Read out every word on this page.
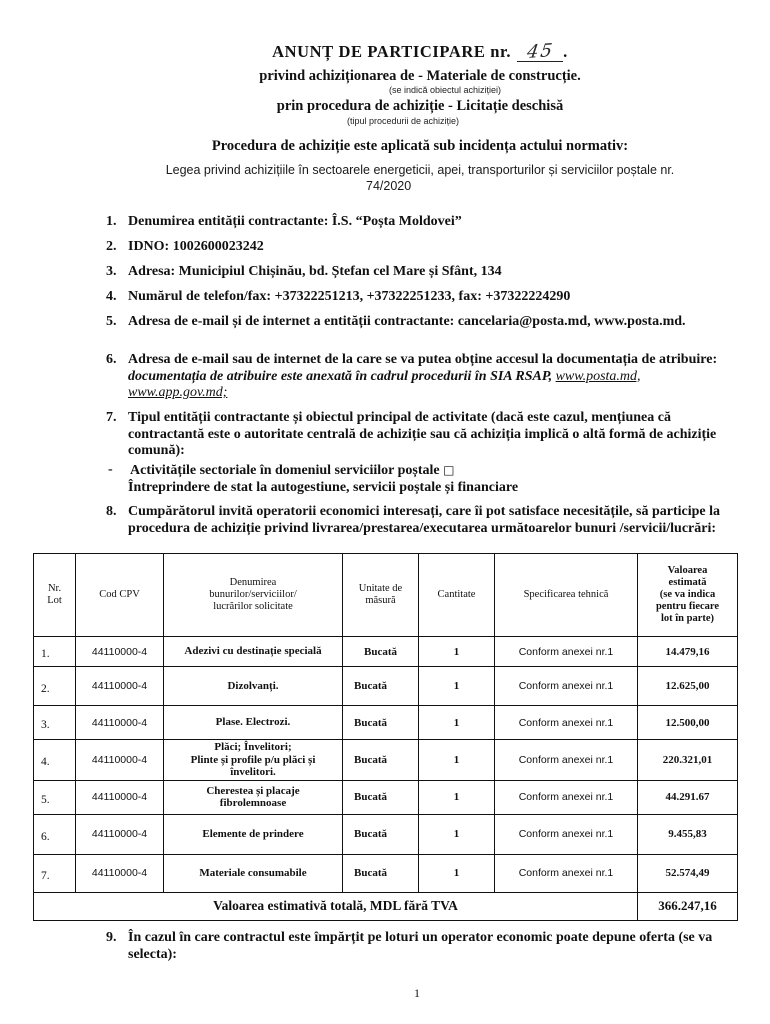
ANUNȚ DE PARTICIPARE nr. 45 .
privind achiziționarea de - Materiale de construcție.
(se indică obiectul achiziției)
prin procedura de achiziție - Licitație deschisă
(tipul procedurii de achiziție)
Procedura de achiziție este aplicată sub incidența actului normativ:
Legea privind achizițiile în sectoarele energeticii, apei, transporturilor și serviciilor poștale nr.
74/2020
1. Denumirea entității contractante: Î.S. “Poșta Moldovei”
2. IDNO: 1002600023242
3. Adresa: Municipiul Chișinău, bd. Ștefan cel Mare și Sfânt, 134
4. Numărul de telefon/fax: +37322251213, +37322251233, fax: +37322224290
5. Adresa de e-mail și de internet a entității contractante: cancelaria@posta.md, www.posta.md.
6. Adresa de e-mail sau de internet de la care se va putea obține accesul la documentația de atribuire: documentația de atribuire este anexată în cadrul procedurii în SIA RSAP, www.posta.md, www.app.gov.md;
7. Tipul entității contractante și obiectul principal de activitate (dacă este cazul, mențiunea că contractantă este o autoritate centrală de achiziție sau că achiziția implică o altă formă de achiziție comună):
- Activitățile sectoriale în domeniul serviciilor poștale □
Întreprindere de stat la autogestiune, servicii poștale și financiare
8. Cumpărătorul invită operatorii economici interesați, care îi pot satisface necesitățile, să participe la procedura de achiziție privind livrarea/prestarea/executarea următoarelor bunuri /servicii/lucrări:
Nr.
Lot	Cod CPV	Denumirea
bunurilor/serviciilor/
lucrărilor solicitate	Unitate de
măsură	Cantitate	Specificarea tehnică	Valoarea
estimată
(se va indica
pentru fiecare
lot în parte)

1.	44110000-4	Adezivi cu destinație specială	Bucată	1	Conform anexei nr.1	14.479,16
2.	44110000-4	Dizolvanți.	Bucată	1	Conform anexei nr.1	12.625,00
3.	44110000-4	Plase. Electrozi.	Bucată	1	Conform anexei nr.1	12.500,00
4.	44110000-4	Plăci; Învelitori;
Plinte și profile p/u plăci și
învelitori.	Bucată	1	Conform anexei nr.1	220.321,01
5.	44110000-4	Cherestea și placaje
fibrolemnoase	Bucată	1	Conform anexei nr.1	44.291.67
6.	44110000-4	Elemente de prindere	Bucată	1	Conform anexei nr.1	9.455,83
7.	44110000-4	Materiale consumabile	Bucată	1	Conform anexei nr.1	52.574,49
Valoarea estimativă totală, MDL fără TVA						366.247,16
9. În cazul în care contractul este împărțit pe loturi un operator economic poate depune oferta (se va selecta):
1
